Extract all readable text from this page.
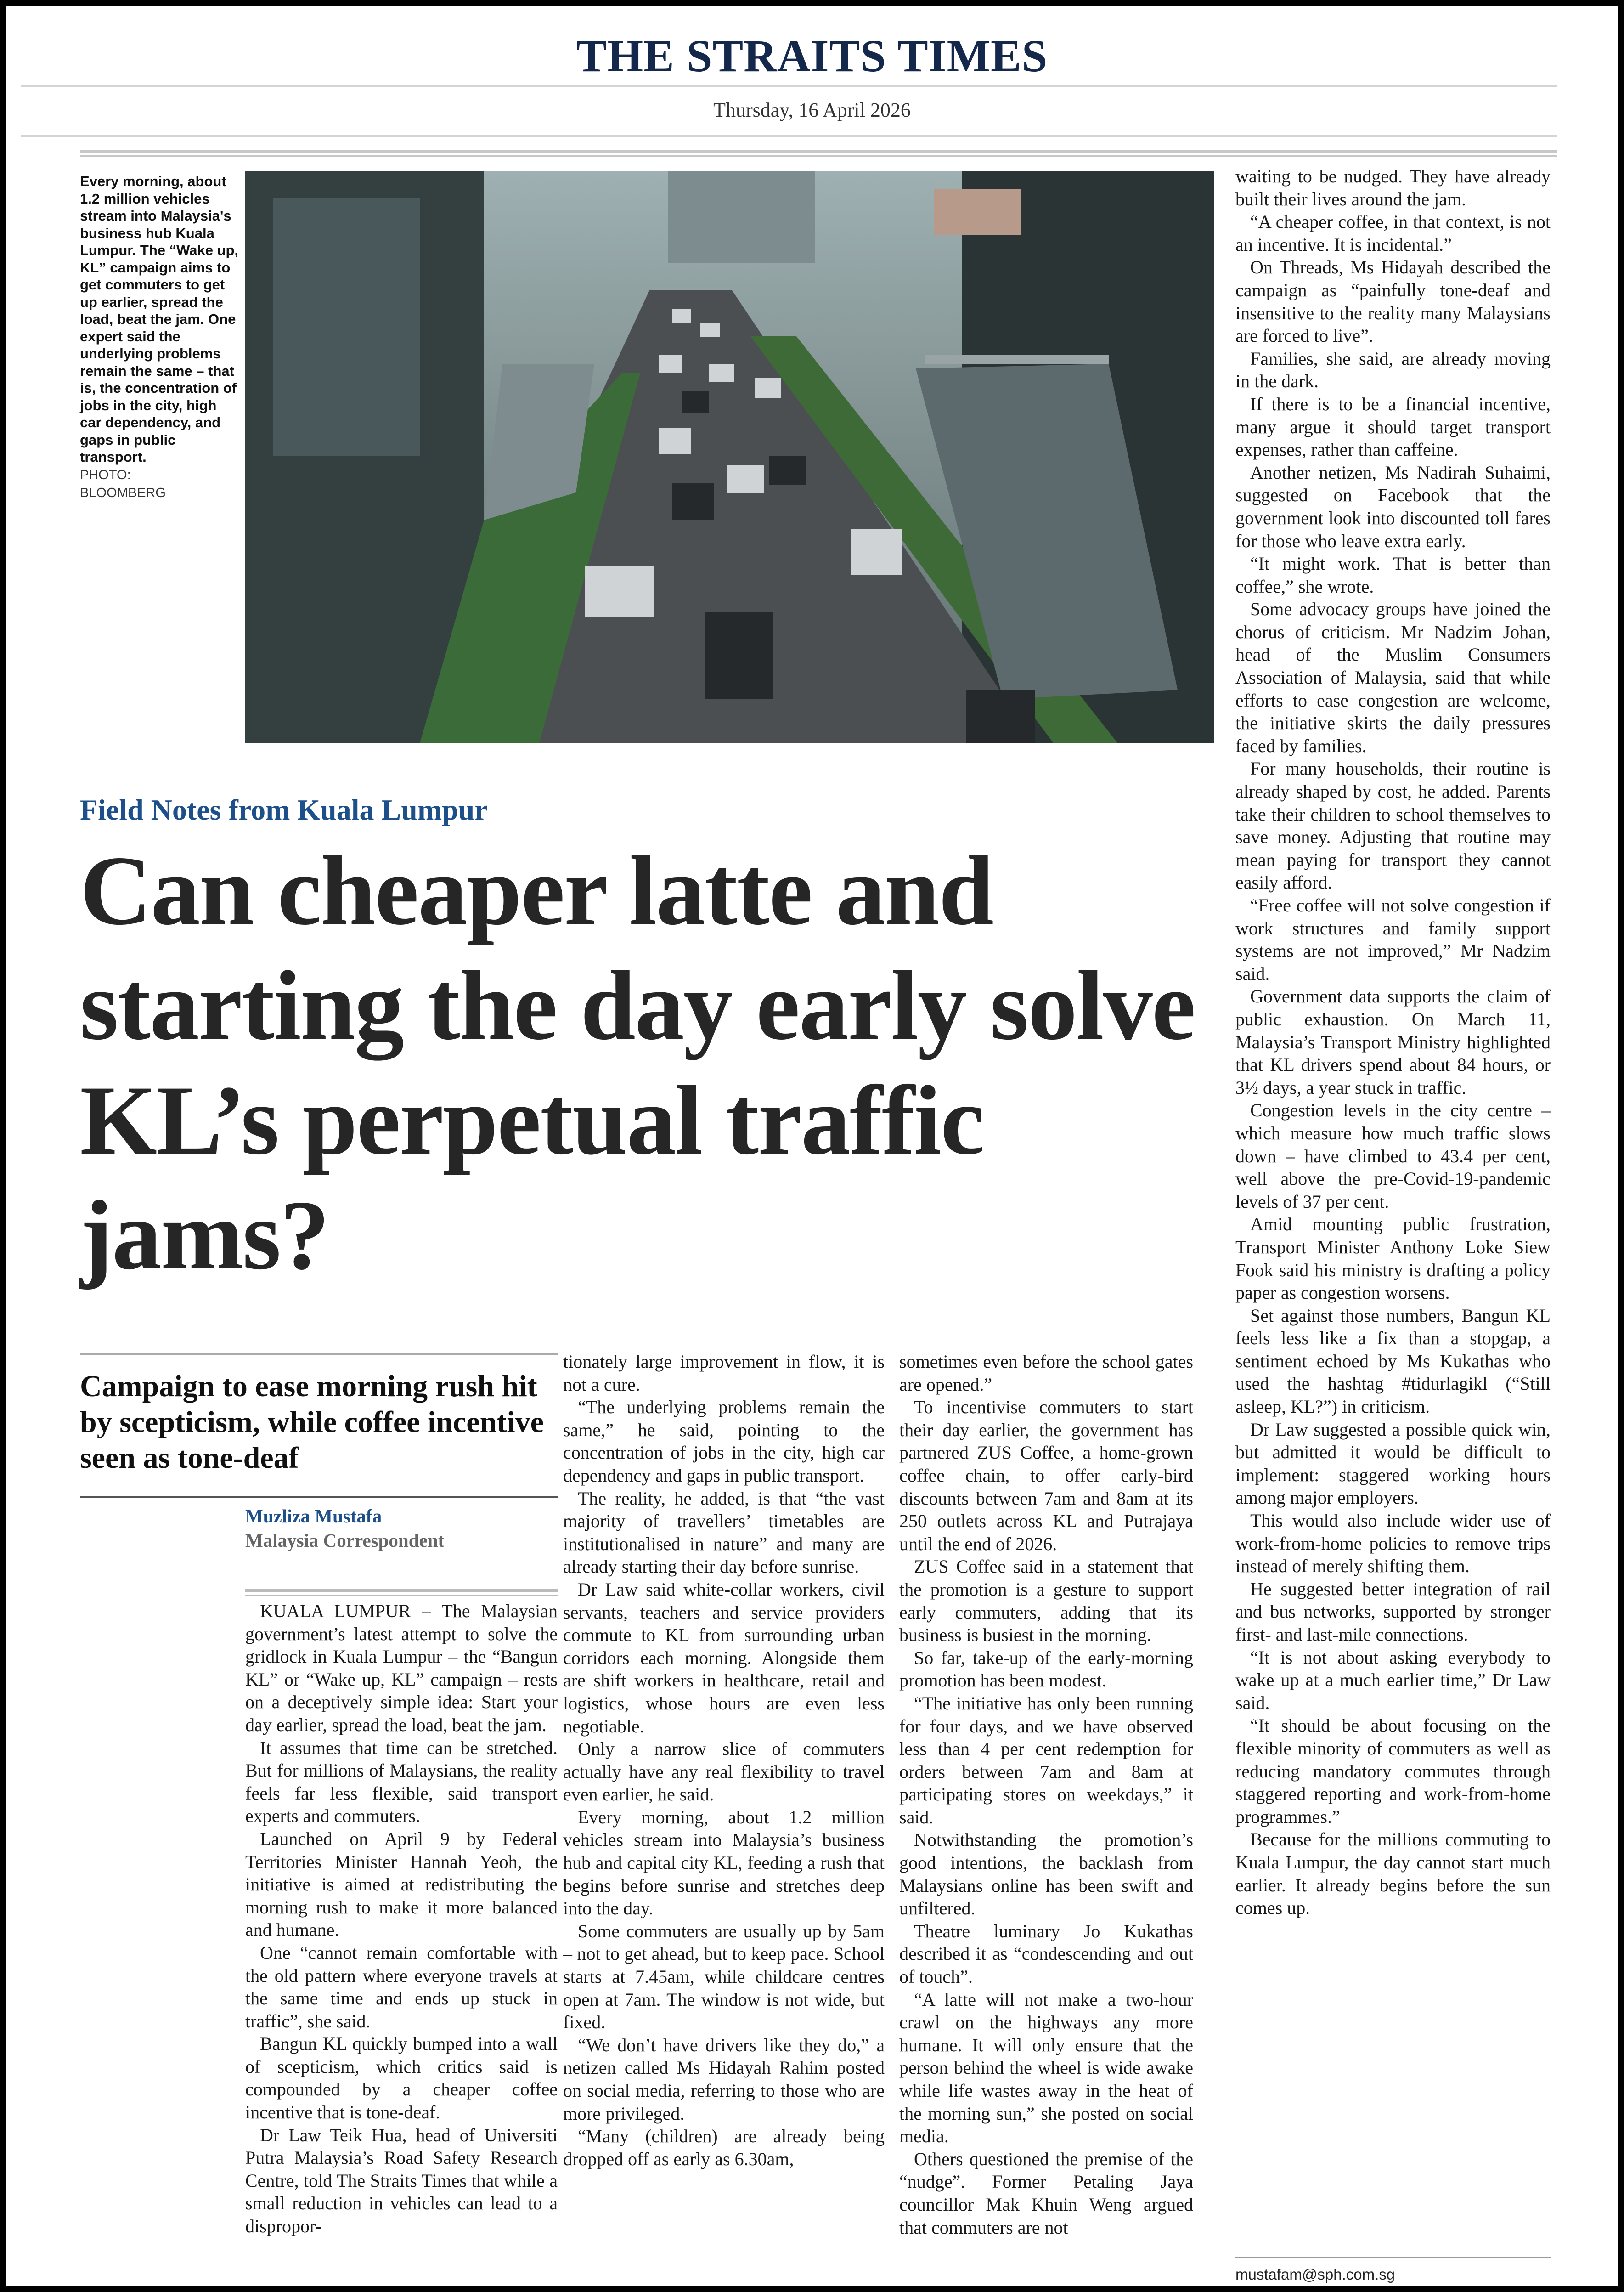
THE STRAITS TIMES
Thursday, 16 April 2026
Every morning, about 1.2 million vehicles stream into Malaysia's business hub Kuala Lumpur. The “Wake up, KL” campaign aims to get commuters to get up earlier, spread the load, beat the jam. One expert said the underlying problems remain the same – that is, the concentration of jobs in the city, high car dependency, and gaps in public transport.
PHOTO:
BLOOMBERG
Field Notes from Kuala Lumpur
Can cheaper latte and starting the day early solve KL’s perpetual traffic jams?
Campaign to ease morning rush hit by scepticism, while coffee incentive seen as tone-deaf
Muzliza Mustafa
Malaysia Correspondent

KUALA LUMPUR – The Malaysian government’s latest attempt to solve the gridlock in Kuala Lumpur – the “Bangun KL” or “Wake up, KL” campaign – rests on a deceptively simple idea: Start your day earlier, spread the load, beat the jam.

It assumes that time can be stretched. But for millions of Malaysians, the reality feels far less flexible, said transport experts and commuters.

Launched on April 9 by Federal Territories Minister Hannah Yeoh, the initiative is aimed at redistributing the morning rush to make it more balanced and humane.

One “cannot remain comfortable with the old pattern where everyone travels at the same time and ends up stuck in traffic”, she said.

Bangun KL quickly bumped into a wall of scepticism, which critics said is compounded by a cheaper coffee incentive that is tone-deaf.

Dr Law Teik Hua, head of Universiti Putra Malaysia’s Road Safety Research Centre, told The Straits Times that while a small reduction in vehicles can lead to a dispropor-

tionately large improvement in flow, it is not a cure.

“The underlying problems remain the same,” he said, pointing to the concentration of jobs in the city, high car dependency and gaps in public transport.

The reality, he added, is that “the vast majority of travellers’ timetables are institutionalised in nature” and many are already starting their day before sunrise.

Dr Law said white-collar workers, civil servants, teachers and service providers commute to KL from surrounding urban corridors each morning. Alongside them are shift workers in healthcare, retail and logistics, whose hours are even less negotiable.

Only a narrow slice of commuters actually have any real flexibility to travel even earlier, he said.

Every morning, about 1.2 million vehicles stream into Malaysia’s business hub and capital city KL, feeding a rush that begins before sunrise and stretches deep into the day.

Some commuters are usually up by 5am – not to get ahead, but to keep pace. School starts at 7.45am, while childcare centres open at 7am. The window is not wide, but fixed.

“We don’t have drivers like they do,” a netizen called Ms Hidayah Rahim posted on social media, referring to those who are more privileged.

“Many (children) are already being dropped off as early as 6.30am,

sometimes even before the school gates are opened.”

To incentivise commuters to start their day earlier, the government has partnered ZUS Coffee, a home-grown coffee chain, to offer early-bird discounts between 7am and 8am at its 250 outlets across KL and Putrajaya until the end of 2026.

ZUS Coffee said in a statement that the promotion is a gesture to support early commuters, adding that its business is busiest in the morning.

So far, take-up of the early-morning promotion has been modest.

“The initiative has only been running for four days, and we have observed less than 4 per cent redemption for orders between 7am and 8am at participating stores on weekdays,” it said.

Notwithstanding the promotion’s good intentions, the backlash from Malaysians online has been swift and unfiltered.

Theatre luminary Jo Kukathas described it as “condescending and out of touch”.

“A latte will not make a two-hour crawl on the highways any more humane. It will only ensure that the person behind the wheel is wide awake while life wastes away in the heat of the morning sun,” she posted on social media.

Others questioned the premise of the “nudge”. Former Petaling Jaya councillor Mak Khuin Weng argued that commuters are not

waiting to be nudged. They have already built their lives around the jam.

“A cheaper coffee, in that context, is not an incentive. It is incidental.”

On Threads, Ms Hidayah described the campaign as “painfully tone-deaf and insensitive to the reality many Malaysians are forced to live”.

Families, she said, are already moving in the dark.

If there is to be a financial incentive, many argue it should target transport expenses, rather than caffeine.

Another netizen, Ms Nadirah Suhaimi, suggested on Facebook that the government look into discounted toll fares for those who leave extra early.

“It might work. That is better than coffee,” she wrote.

Some advocacy groups have joined the chorus of criticism. Mr Nadzim Johan, head of the Muslim Consumers Association of Malaysia, said that while efforts to ease congestion are welcome, the initiative skirts the daily pressures faced by families.

For many households, their routine is already shaped by cost, he added. Parents take their children to school themselves to save money. Adjusting that routine may mean paying for transport they cannot easily afford.

“Free coffee will not solve congestion if work structures and family support systems are not improved,” Mr Nadzim said.

Government data supports the claim of public exhaustion. On March 11, Malaysia’s Transport Ministry highlighted that KL drivers spend about 84 hours, or 3½ days, a year stuck in traffic.

Congestion levels in the city centre – which measure how much traffic slows down – have climbed to 43.4 per cent, well above the pre-Covid-19-pandemic levels of 37 per cent.

Amid mounting public frustration, Transport Minister Anthony Loke Siew Fook said his ministry is drafting a policy paper as congestion worsens.

Set against those numbers, Bangun KL feels less like a fix than a stopgap, a sentiment echoed by Ms Kukathas who used the hashtag #tidurlagikl (“Still asleep, KL?”) in criticism.

Dr Law suggested a possible quick win, but admitted it would be difficult to implement: staggered working hours among major employers.

This would also include wider use of work-from-home policies to remove trips instead of merely shifting them.

He suggested better integration of rail and bus networks, supported by stronger first- and last-mile connections.

“It is not about asking everybody to wake up at a much earlier time,” Dr Law said.

“It should be about focusing on the flexible minority of commuters as well as reducing mandatory commutes through staggered reporting and work-from-home programmes.”

Because for the millions commuting to Kuala Lumpur, the day cannot start much earlier. It already begins before the sun comes up.

mustafam@sph.com.sg
